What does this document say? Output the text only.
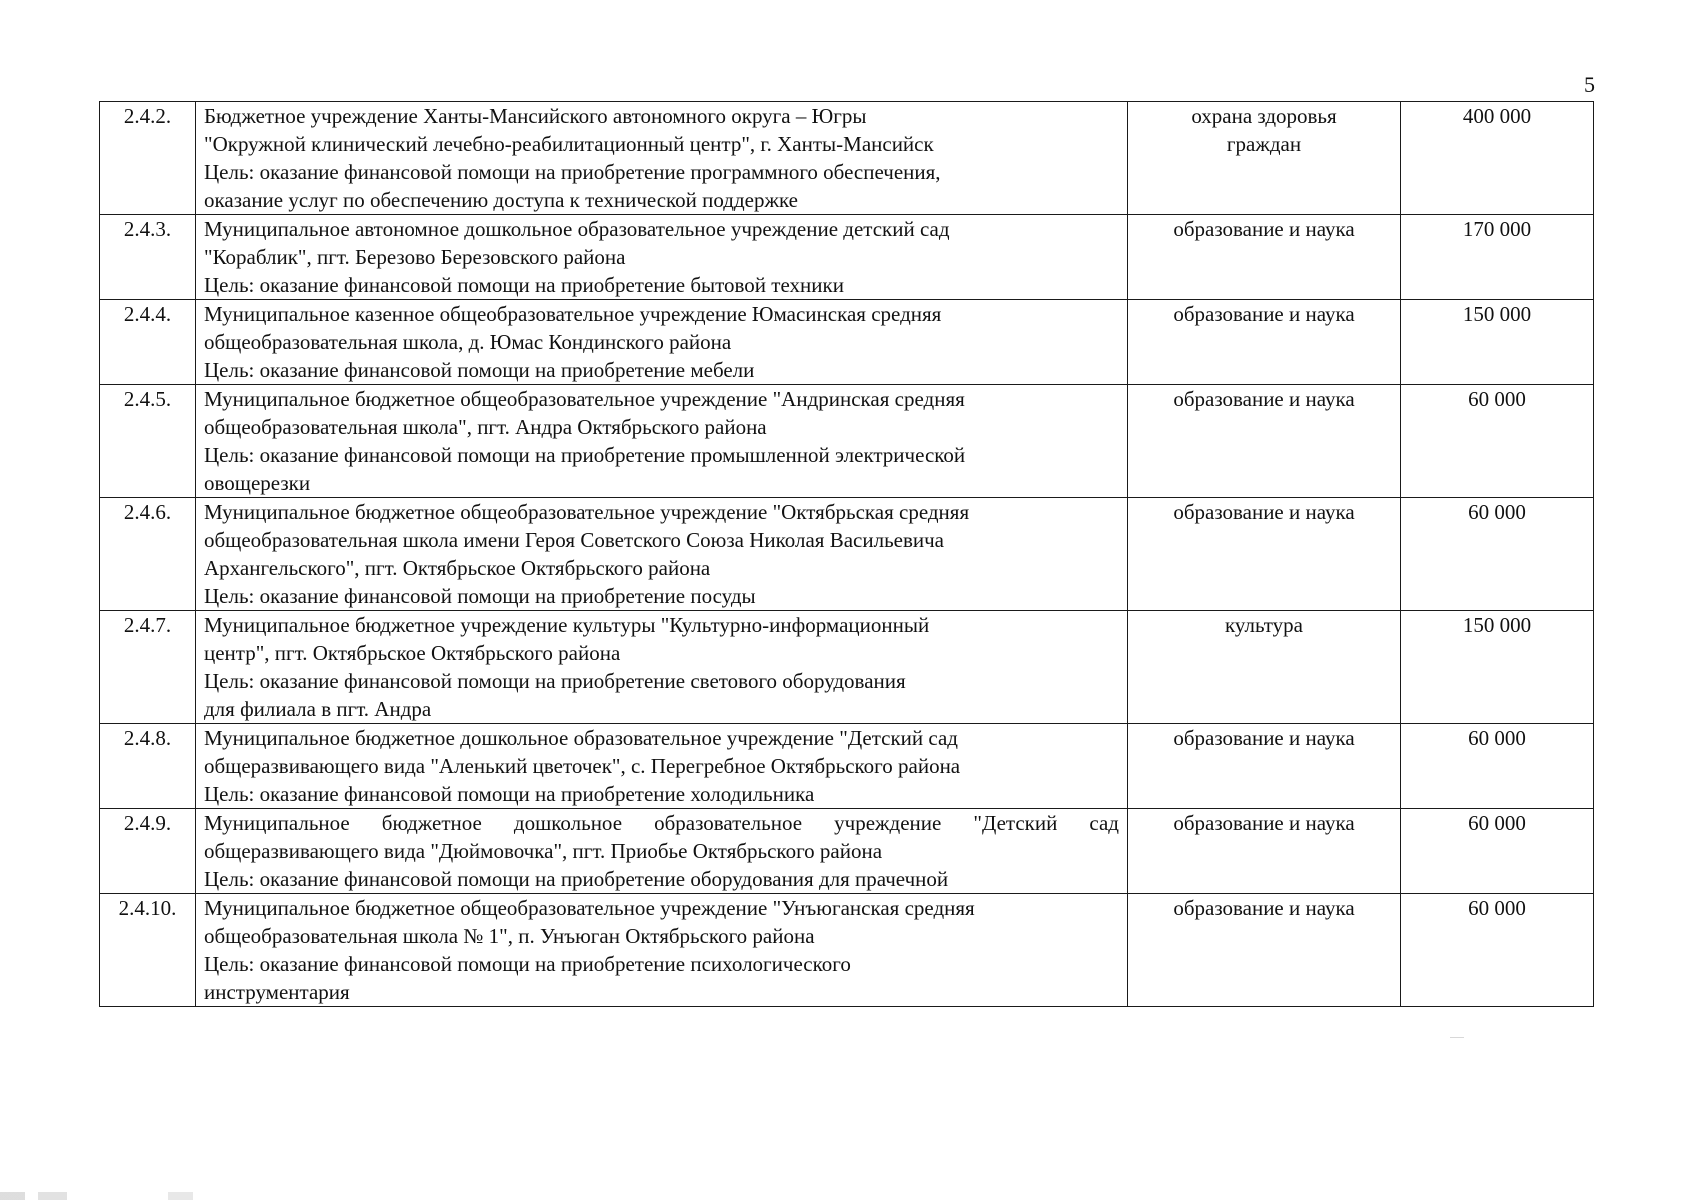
5
2.4.2.	Бюджетное учреждение Ханты-Мансийского автономного округа – Югры
"Окружной клинический лечебно-реабилитационный центр", г. Ханты-Мансийск
Цель: оказание финансовой помощи на приобретение программного обеспечения,
оказание услуг по обеспечению доступа к технической поддержке	охрана здоровья
граждан	400 000
2.4.3.	Муниципальное автономное дошкольное образовательное учреждение детский сад
"Кораблик", пгт. Березово Березовского района
Цель: оказание финансовой помощи на приобретение бытовой техники	образование и наука	170 000
2.4.4.	Муниципальное казенное общеобразовательное учреждение Юмасинская средняя
общеобразовательная школа, д. Юмас Кондинского района
Цель: оказание финансовой помощи на приобретение мебели	образование и наука	150 000
2.4.5.	Муниципальное бюджетное общеобразовательное учреждение "Андринская средняя
общеобразовательная школа", пгт. Андра Октябрьского района
Цель: оказание финансовой помощи на приобретение промышленной электрической
овощерезки	образование и наука	60 000
2.4.6.	Муниципальное бюджетное общеобразовательное учреждение "Октябрьская средняя
общеобразовательная школа имени Героя Советского Союза Николая Васильевича
Архангельского", пгт. Октябрьское Октябрьского района
Цель: оказание финансовой помощи на приобретение посуды	образование и наука	60 000
2.4.7.	Муниципальное бюджетное учреждение культуры "Культурно-информационный
центр", пгт. Октябрьское Октябрьского района
Цель: оказание финансовой помощи на приобретение светового оборудования
для филиала в пгт. Андра	культура	150 000
2.4.8.	Муниципальное бюджетное дошкольное образовательное учреждение "Детский сад
общеразвивающего вида "Аленький цветочек", с. Перегребное Октябрьского района
Цель: оказание финансовой помощи на приобретение холодильника	образование и наука	60 000
2.4.9.	Муниципальное бюджетное дошкольное образовательное учреждение "Детский сад
общеразвивающего вида "Дюймовочка", пгт. Приобье Октябрьского района
Цель: оказание финансовой помощи на приобретение оборудования для прачечной	образование и наука	60 000
2.4.10.	Муниципальное бюджетное общеобразовательное учреждение "Унъюганская средняя
общеобразовательная школа № 1", п. Унъюган Октябрьского района
Цель: оказание финансовой помощи на приобретение психологического
инструментария	образование и наука	60 000
